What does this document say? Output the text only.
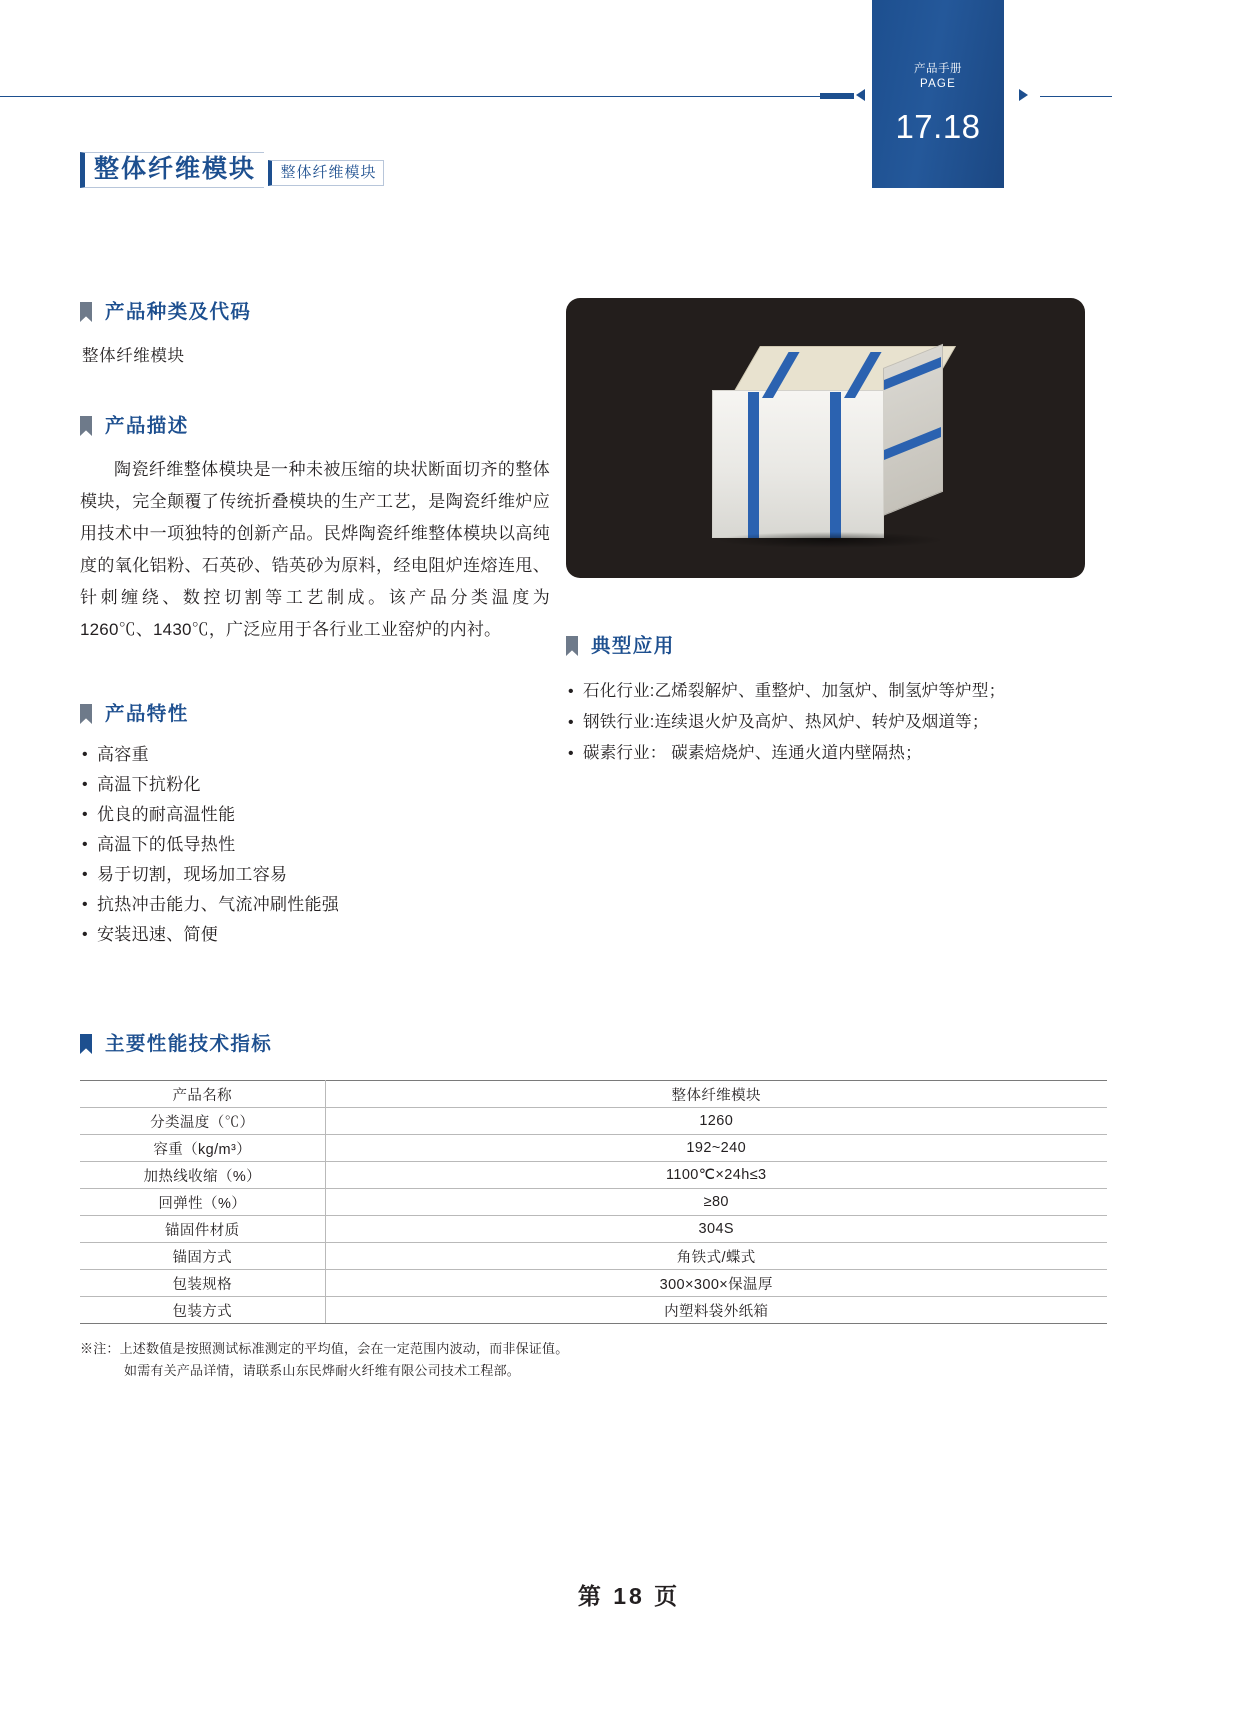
产品手册
PAGE
17.18
整体纤维模块 整体纤维模块
产品种类及代码
整体纤维模块
产品描述
陶瓷纤维整体模块是一种未被压缩的块状断面切齐的整体模块，完全颠覆了传统折叠模块的生产工艺，是陶瓷纤维炉应用技术中一项独特的创新产品。民烨陶瓷纤维整体模块以高纯度的氧化铝粉、石英砂、锆英砂为原料，经电阻炉连熔连甩、针刺缠绕、数控切割等工艺制成。该产品分类温度为 1260℃、1430℃，广泛应用于各行业工业窑炉的内衬。
产品特性
• 高容重
• 高温下抗粉化
• 优良的耐高温性能
• 高温下的低导热性
• 易于切割，现场加工容易
• 抗热冲击能力、气流冲刷性能强
• 安装迅速、简便
典型应用
• 石化行业:乙烯裂解炉、重整炉、加氢炉、制氢炉等炉型；
• 钢铁行业:连续退火炉及高炉、热风炉、转炉及烟道等；
• 碳素行业： 碳素焙烧炉、连通火道内壁隔热；
主要性能技术指标
产品名称	整体纤维模块
分类温度（℃）	1260
容重（kg/m³）	192~240
加热线收缩（%）	1100℃×24h≤3
回弹性（%）	≥80
锚固件材质	304S
锚固方式	角铁式/蝶式
包装规格	300×300×保温厚
包装方式	内塑料袋外纸箱
※注：上述数值是按照测试标准测定的平均值，会在一定范围内波动，而非保证值。
如需有关产品详情，请联系山东民烨耐火纤维有限公司技术工程部。
第 18 页
